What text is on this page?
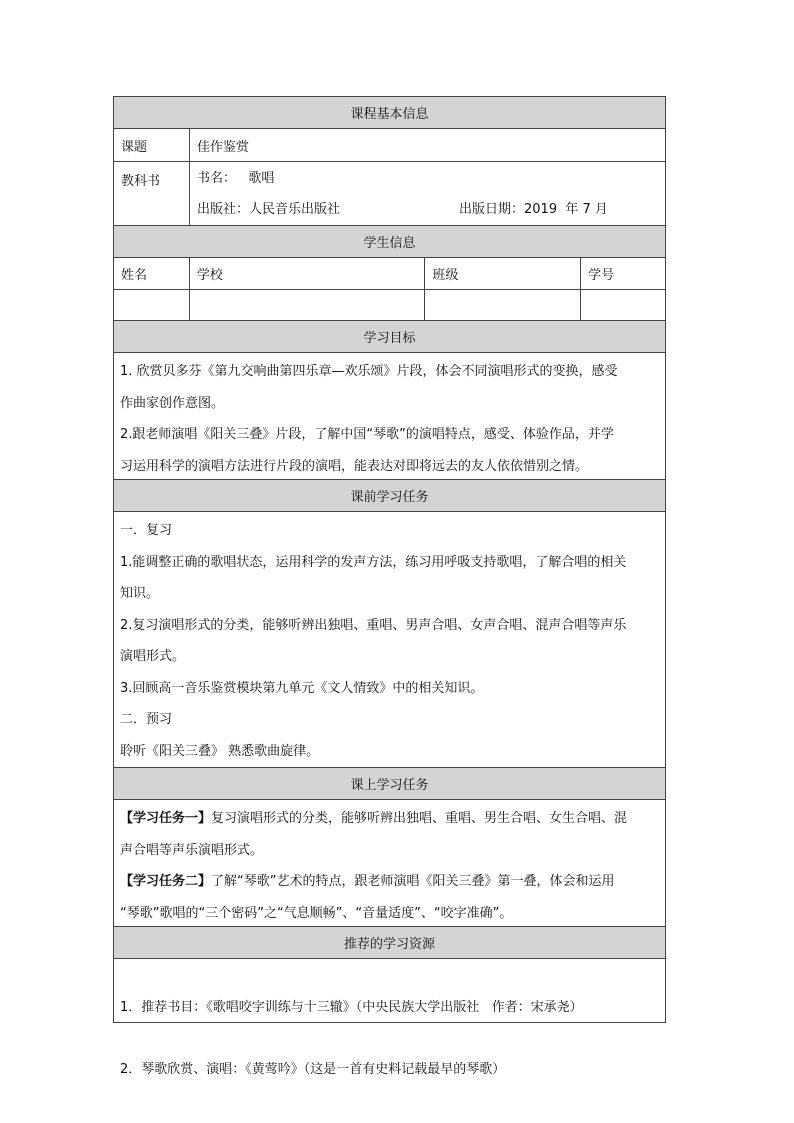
课程基本信息
课题	佳作鉴赏
教科书	书名：   歌唱
出版社：人民音乐出版社	出版日期：2019  年 7 月
学生信息
姓名	学校	班级	学号
学习目标
1. 欣赏贝多芬《第九交响曲第四乐章—欢乐颂》片段，体会不同演唱形式的变换，感受
作曲家创作意图。
2.跟老师演唱《阳关三叠》片段，了解中国“琴歌”的演唱特点，感受、体验作品，并学
习运用科学的演唱方法进行片段的演唱，能表达对即将远去的友人依依惜别之情。
课前学习任务
一．复习
1.能调整正确的歌唱状态，运用科学的发声方法，练习用呼吸支持歌唱，了解合唱的相关
知识。
2.复习演唱形式的分类，能够听辨出独唱、重唱、男声合唱、女声合唱、混声合唱等声乐
演唱形式。
3.回顾高一音乐鉴赏模块第九单元《文人情致》中的相关知识。
二．预习
聆听《阳关三叠》 熟悉歌曲旋律。
课上学习任务
【学习任务一】复习演唱形式的分类，能够听辨出独唱、重唱、男生合唱、女生合唱、混
声合唱等声乐演唱形式。
【学习任务二】了解“琴歌”艺术的特点，跟老师演唱《阳关三叠》第一叠，体会和运用
“琴歌”歌唱的“三个密码”之“气息顺畅”、“音量适度”、“咬字准确”。
推荐的学习资源

1．推荐书目：《歌唱咬字训练与十三辙》（中央民族大学出版社   作者：宋承尧）

2．琴歌欣赏、演唱：《黄莺吟》（这是一首有史料记载最早的琴歌）
